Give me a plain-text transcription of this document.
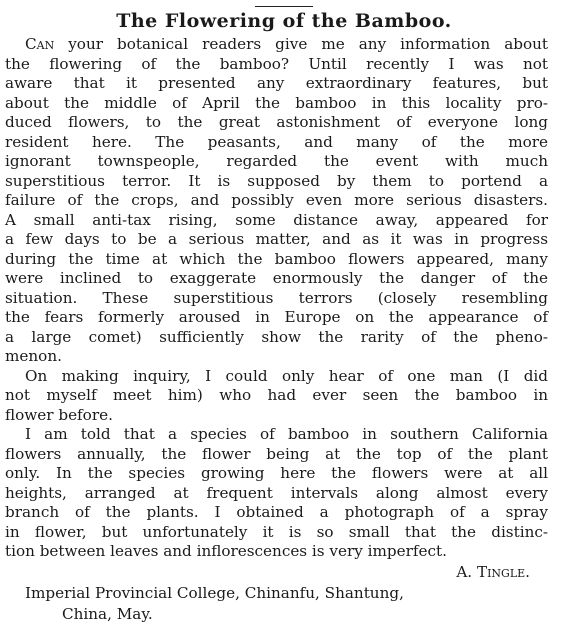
The Flowering of the Bamboo.
Can your botanical readers give me any information about
the flowering of the bamboo? Until recently I was not
aware that it presented any extraordinary features, but
about the middle of April the bamboo in this locality pro-
duced flowers, to the great astonishment of everyone long
resident here. The peasants, and many of the more
ignorant townspeople, regarded the event with much
superstitious terror. It is supposed by them to portend a
failure of the crops, and possibly even more serious disasters.
A small anti-tax rising, some distance away, appeared for
a few days to be a serious matter, and as it was in progress
during the time at which the bamboo flowers appeared, many
were inclined to exaggerate enormously the danger of the
situation. These superstitious terrors (closely resembling
the fears formerly aroused in Europe on the appearance of
a large comet) sufficiently show the rarity of the pheno-
menon.
On making inquiry, I could only hear of one man (I did
not myself meet him) who had ever seen the bamboo in
flower before.
I am told that a species of bamboo in southern California
flowers annually, the flower being at the top of the plant
only. In the species growing here the flowers were at all
heights, arranged at frequent intervals along almost every
branch of the plants. I obtained a photograph of a spray
in flower, but unfortunately it is so small that the distinc-
tion between leaves and inflorescences is very imperfect.
A. Tingle.
Imperial Provincial College, Chinanfu, Shantung,
China, May.
